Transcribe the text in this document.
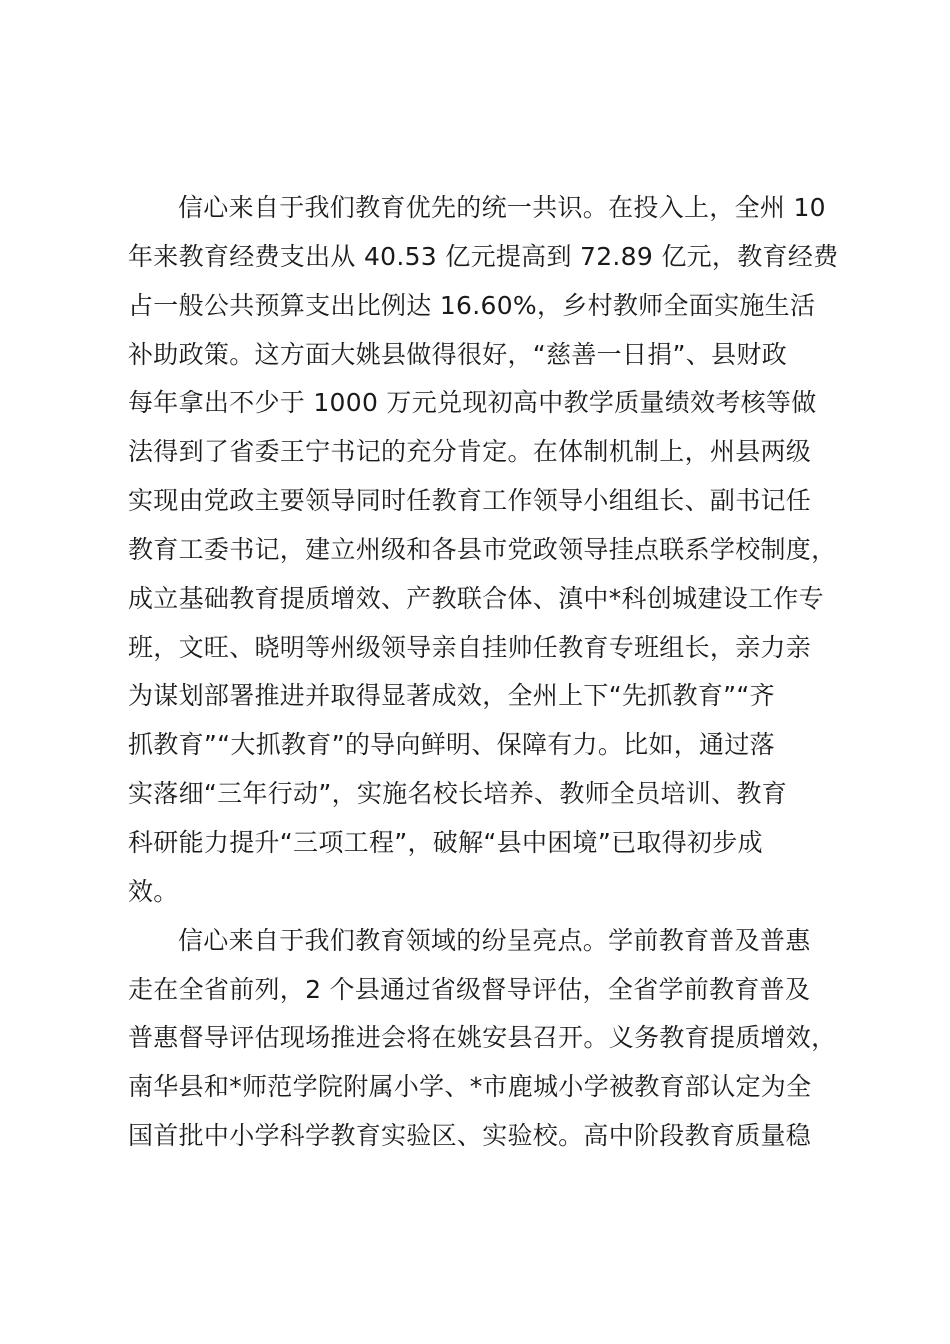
信心来自于我们教育优先的统一共识。在投入上，全州 10
年来教育经费支出从 40.53 亿元提高到 72.89 亿元，教育经费
占一般公共预算支出比例达 16.60%，乡村教师全面实施生活
补助政策。这方面大姚县做得很好，“慈善一日捐”、县财政
每年拿出不少于 1000 万元兑现初高中教学质量绩效考核等做
法得到了省委王宁书记的充分肯定。在体制机制上，州县两级
实现由党政主要领导同时任教育工作领导小组组长、副书记任
教育工委书记，建立州级和各县市党政领导挂点联系学校制度，
成立基础教育提质增效、产教联合体、滇中*科创城建设工作专
班，文旺、晓明等州级领导亲自挂帅任教育专班组长，亲力亲
为谋划部署推进并取得显著成效，全州上下“先抓教育”“齐
抓教育”“大抓教育”的导向鲜明、保障有力。比如，通过落
实落细“三年行动”，实施名校长培养、教师全员培训、教育
科研能力提升“三项工程”，破解“县中困境”已取得初步成
效。
信心来自于我们教育领域的纷呈亮点。学前教育普及普惠
走在全省前列，2 个县通过省级督导评估，全省学前教育普及
普惠督导评估现场推进会将在姚安县召开。义务教育提质增效，
南华县和*师范学院附属小学、*市鹿城小学被教育部认定为全
国首批中小学科学教育实验区、实验校。高中阶段教育质量稳
